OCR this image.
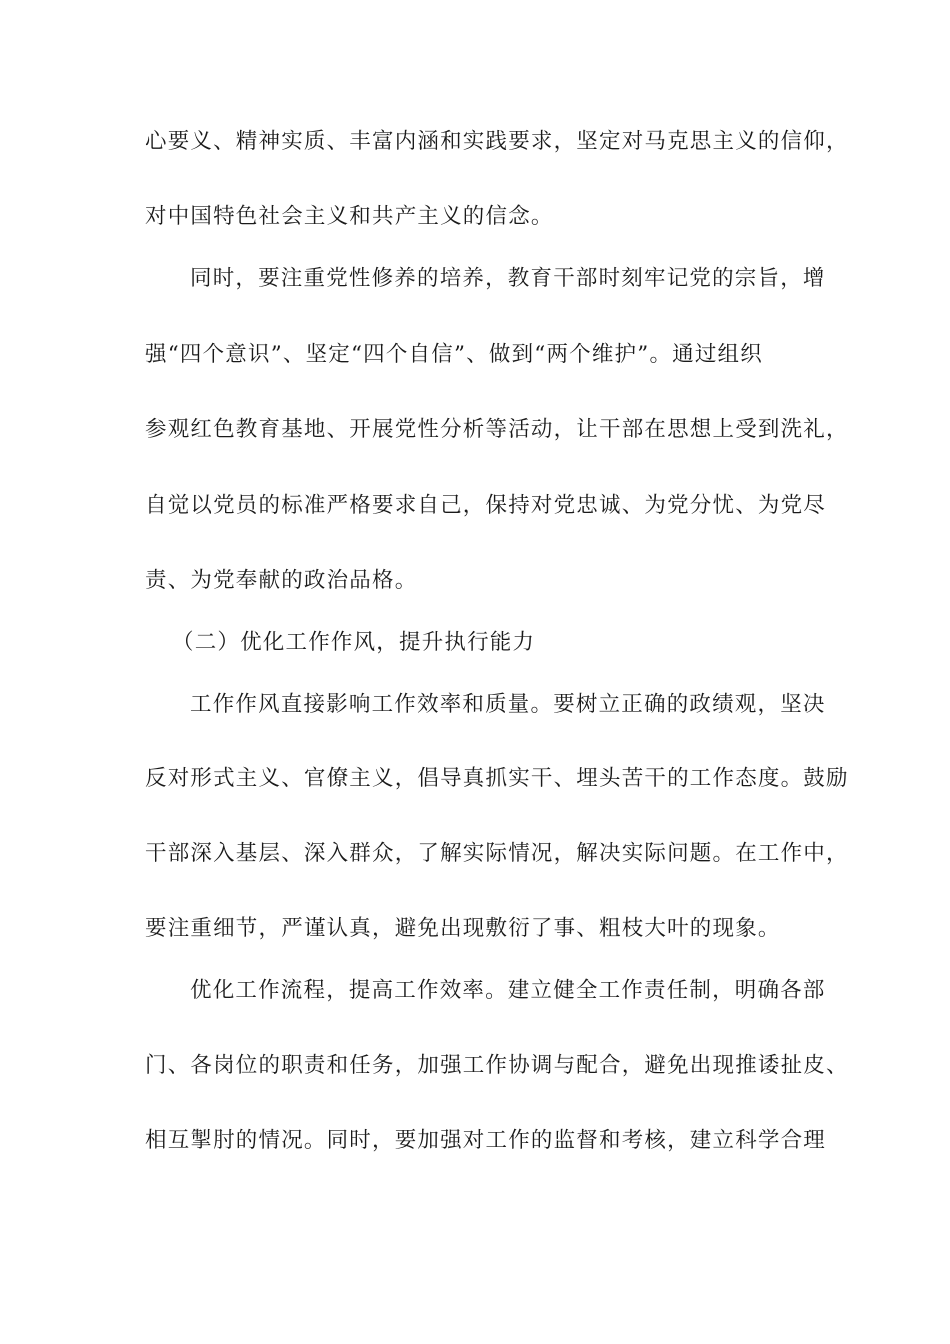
心要义、精神实质、丰富内涵和实践要求，坚定对马克思主义的信仰，
对中国特色社会主义和共产主义的信念。
同时，要注重党性修养的培养，教育干部时刻牢记党的宗旨，增
强“四个意识”、坚定“四个自信”、做到“两个维护”。通过组织
参观红色教育基地、开展党性分析等活动，让干部在思想上受到洗礼，
自觉以党员的标准严格要求自己，保持对党忠诚、为党分忧、为党尽
责、为党奉献的政治品格。
（二）优化工作作风，提升执行能力
工作作风直接影响工作效率和质量。要树立正确的政绩观，坚决
反对形式主义、官僚主义，倡导真抓实干、埋头苦干的工作态度。鼓励
干部深入基层、深入群众，了解实际情况，解决实际问题。在工作中，
要注重细节，严谨认真，避免出现敷衍了事、粗枝大叶的现象。
优化工作流程，提高工作效率。建立健全工作责任制，明确各部
门、各岗位的职责和任务，加强工作协调与配合，避免出现推诿扯皮、
相互掣肘的情况。同时，要加强对工作的监督和考核，建立科学合理
